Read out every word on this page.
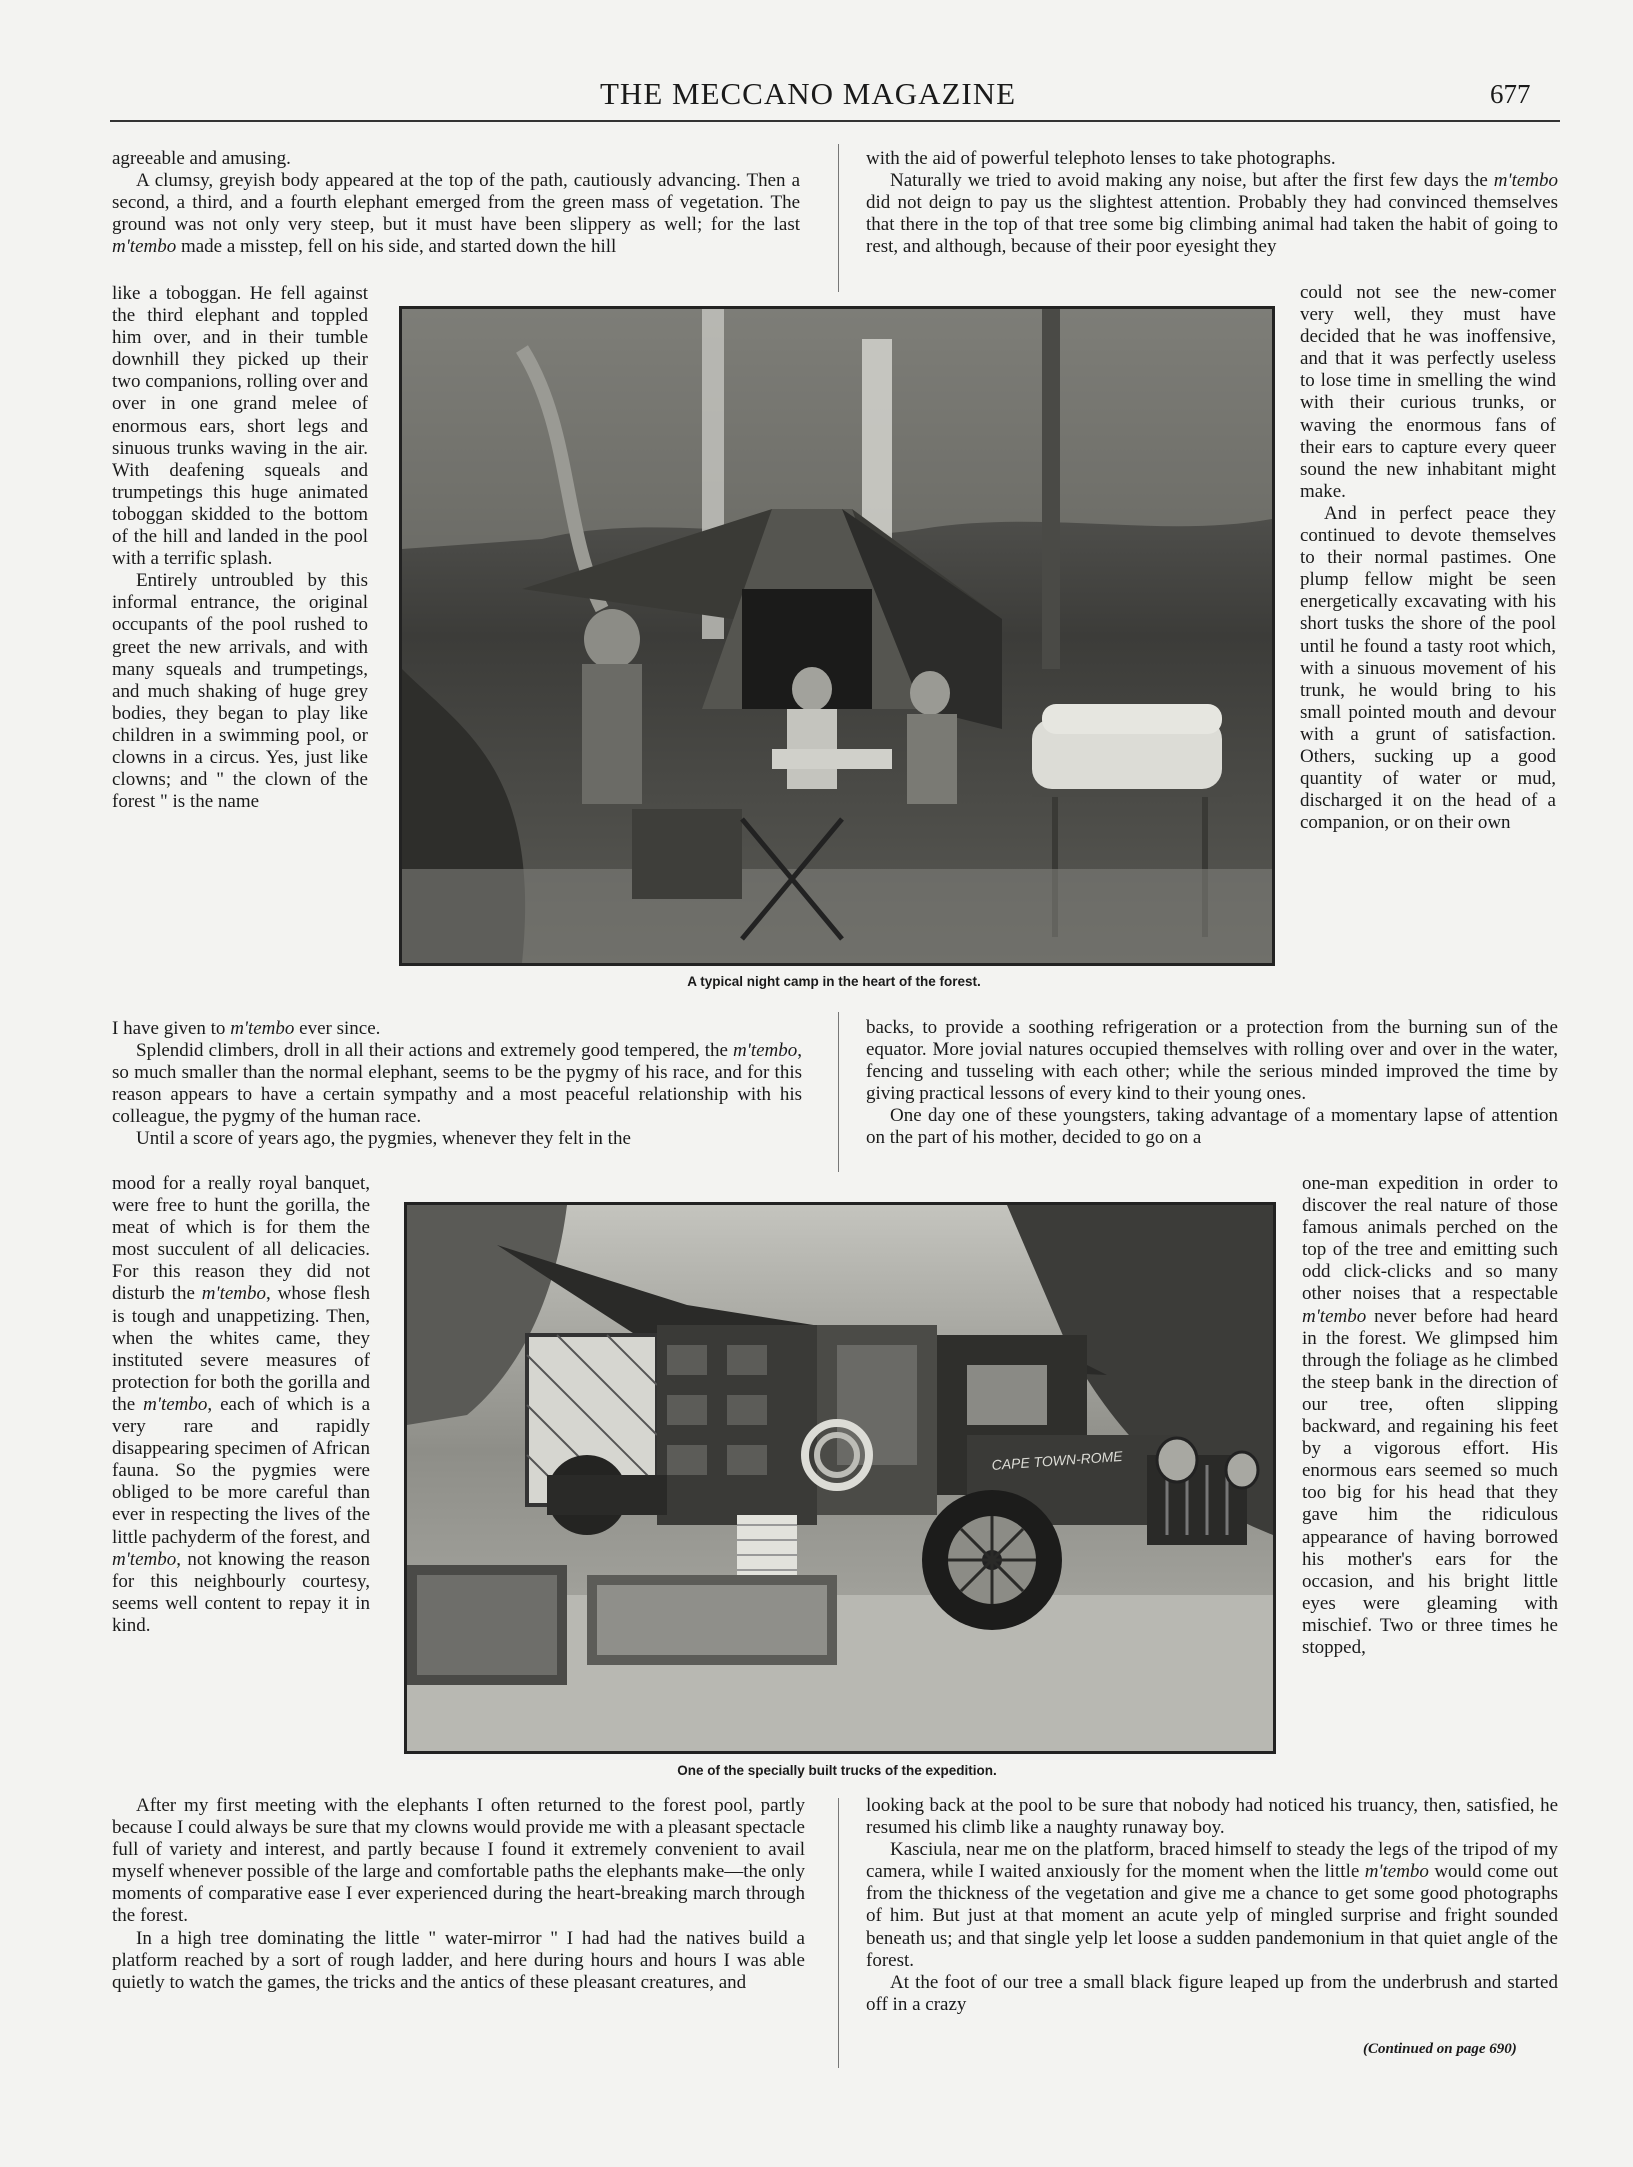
THE MECCANO MAGAZINE	677

agreeable and amusing.

A clumsy, greyish body appeared at the top of the path, cautiously advancing. Then a second, a third, and a fourth elephant emerged from the green mass of vegetation. The ground was not only very steep, but it must have been slippery as well; for the last m'tembo made a misstep, fell on his side, and started down the hill

like a toboggan. He fell against the third elephant and toppled him over, and in their tumble downhill they picked up their two companions, rolling over and over in one grand melee of enormous ears, short legs and sinuous trunks waving in the air. With deafening squeals and trumpetings this huge animated toboggan skidded to the bottom of the hill and landed in the pool with a terrific splash.

Entirely untroubled by this informal entrance, the original occupants of the pool rushed to greet the new arrivals, and with many squeals and trumpetings, and much shaking of huge grey bodies, they began to play like children in a swimming pool, or clowns in a circus. Yes, just like clowns; and " the clown of the forest " is the name

I have given to m'tembo ever since.

Splendid climbers, droll in all their actions and extremely good tempered, the m'tembo, so much smaller than the normal elephant, seems to be the pygmy of his race, and for this reason appears to have a certain sympathy and a most peaceful relationship with his colleague, the pygmy of the human race.

Until a score of years ago, the pygmies, whenever they felt in the

mood for a really royal banquet, were free to hunt the gorilla, the meat of which is for them the most succulent of all delicacies. For this reason they did not disturb the m'tembo, whose flesh is tough and unappetizing. Then, when the whites came, they instituted severe measures of protection for both the gorilla and the m'tembo, each of which is a very rare and rapidly disappearing specimen of African fauna. So the pygmies were obliged to be more careful than ever in respecting the lives of the little pachyderm of the forest, and m'tembo, not knowing the reason for this neighbourly courtesy, seems well content to repay it in kind.

After my first meeting with the elephants I often returned to the forest pool, partly because I could always be sure that my clowns would provide me with a pleasant spectacle full of variety and interest, and partly because I found it extremely convenient to avail myself whenever possible of the large and comfortable paths the elephants make—the only moments of comparative ease I ever experienced during the heart-breaking march through the forest.

In a high tree dominating the little " water-mirror " I had had the natives build a platform reached by a sort of rough ladder, and here during hours and hours I was able quietly to watch the games, the tricks and the antics of these pleasant creatures, and

with the aid of powerful telephoto lenses to take photographs.

Naturally we tried to avoid making any noise, but after the first few days the m'tembo did not deign to pay us the slightest attention. Probably they had convinced themselves that there in the top of that tree some big climbing animal had taken the habit of going to rest, and although, because of their poor eyesight they

could not see the new-comer very well, they must have decided that he was inoffensive, and that it was perfectly useless to lose time in smelling the wind with their curious trunks, or waving the enormous fans of their ears to capture every queer sound the new inhabitant might make.

And in perfect peace they continued to devote themselves to their normal pastimes. One plump fellow might be seen energetically excavating with his short tusks the shore of the pool until he found a tasty root which, with a sinuous movement of his trunk, he would bring to his small pointed mouth and devour with a grunt of satisfaction. Others, sucking up a good quantity of water or mud, discharged it on the head of a companion, or on their own

backs, to provide a soothing refrigeration or a protection from the burning sun of the equator. More jovial natures occupied themselves with rolling over and over in the water, fencing and tusseling with each other; while the serious minded improved the time by giving practical lessons of every kind to their young ones.

One day one of these youngsters, taking advantage of a momentary lapse of attention on the part of his mother, decided to go on a

one-man expedition in order to discover the real nature of those famous animals perched on the top of the tree and emitting such odd click-clicks and so many other noises that a respectable m'tembo never before had heard in the forest. We glimpsed him through the foliage as he climbed the steep bank in the direction of our tree, often slipping backward, and regaining his feet by a vigorous effort. His enormous ears seemed so much too big for his head that they gave him the ridiculous appearance of having borrowed his mother's ears for the occasion, and his bright little eyes were gleaming with mischief. Two or three times he stopped,

looking back at the pool to be sure that nobody had noticed his truancy, then, satisfied, he resumed his climb like a naughty runaway boy.

Kasciula, near me on the platform, braced himself to steady the legs of the tripod of my camera, while I waited anxiously for the moment when the little m'tembo would come out from the thickness of the vegetation and give me a chance to get some good photographs of him. But just at that moment an acute yelp of mingled surprise and fright sounded beneath us; and that single yelp let loose a sudden pandemonium in that quiet angle of the forest.

At the foot of our tree a small black figure leaped up from the underbrush and started off in a crazy

(Continued on page 690)
A typical night camp in the heart of the forest.
CAPE TOWN-ROME
One of the specially built trucks of the expedition.
